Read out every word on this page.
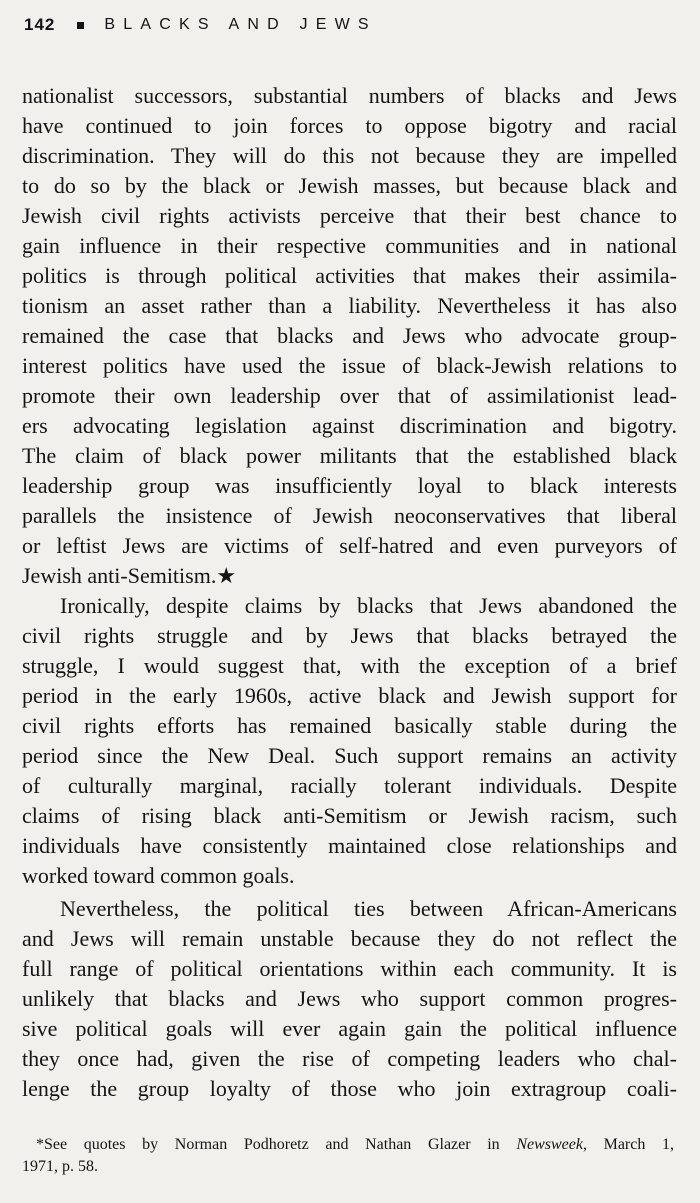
142	BLACKS AND JEWS
nationalist successors, substantial numbers of blacks and Jews
have continued to join forces to oppose bigotry and racial
discrimination. They will do this not because they are impelled
to do so by the black or Jewish masses, but because black and
Jewish civil rights activists perceive that their best chance to
gain influence in their respective communities and in national
politics is through political activities that makes their assimila-
tionism an asset rather than a liability. Nevertheless it has also
remained the case that blacks and Jews who advocate group-
interest politics have used the issue of black-Jewish relations to
promote their own leadership over that of assimilationist lead-
ers advocating legislation against discrimination and bigotry.
The claim of black power militants that the established black
leadership group was insufficiently loyal to black interests
parallels the insistence of Jewish neoconservatives that liberal
or leftist Jews are victims of self-hatred and even purveyors of
Jewish anti-Semitism.★
Ironically, despite claims by blacks that Jews abandoned the
civil rights struggle and by Jews that blacks betrayed the
struggle, I would suggest that, with the exception of a brief
period in the early 1960s, active black and Jewish support for
civil rights efforts has remained basically stable during the
period since the New Deal. Such support remains an activity
of culturally marginal, racially tolerant individuals. Despite
claims of rising black anti-Semitism or Jewish racism, such
individuals have consistently maintained close relationships and
worked toward common goals.
Nevertheless, the political ties between African-Americans
and Jews will remain unstable because they do not reflect the
full range of political orientations within each community. It is
unlikely that blacks and Jews who support common progres-
sive political goals will ever again gain the political influence
they once had, given the rise of competing leaders who chal-
lenge the group loyalty of those who join extragroup coali-
*See quotes by Norman Podhoretz and Nathan Glazer in Newsweek, March 1,
1971, p. 58.
